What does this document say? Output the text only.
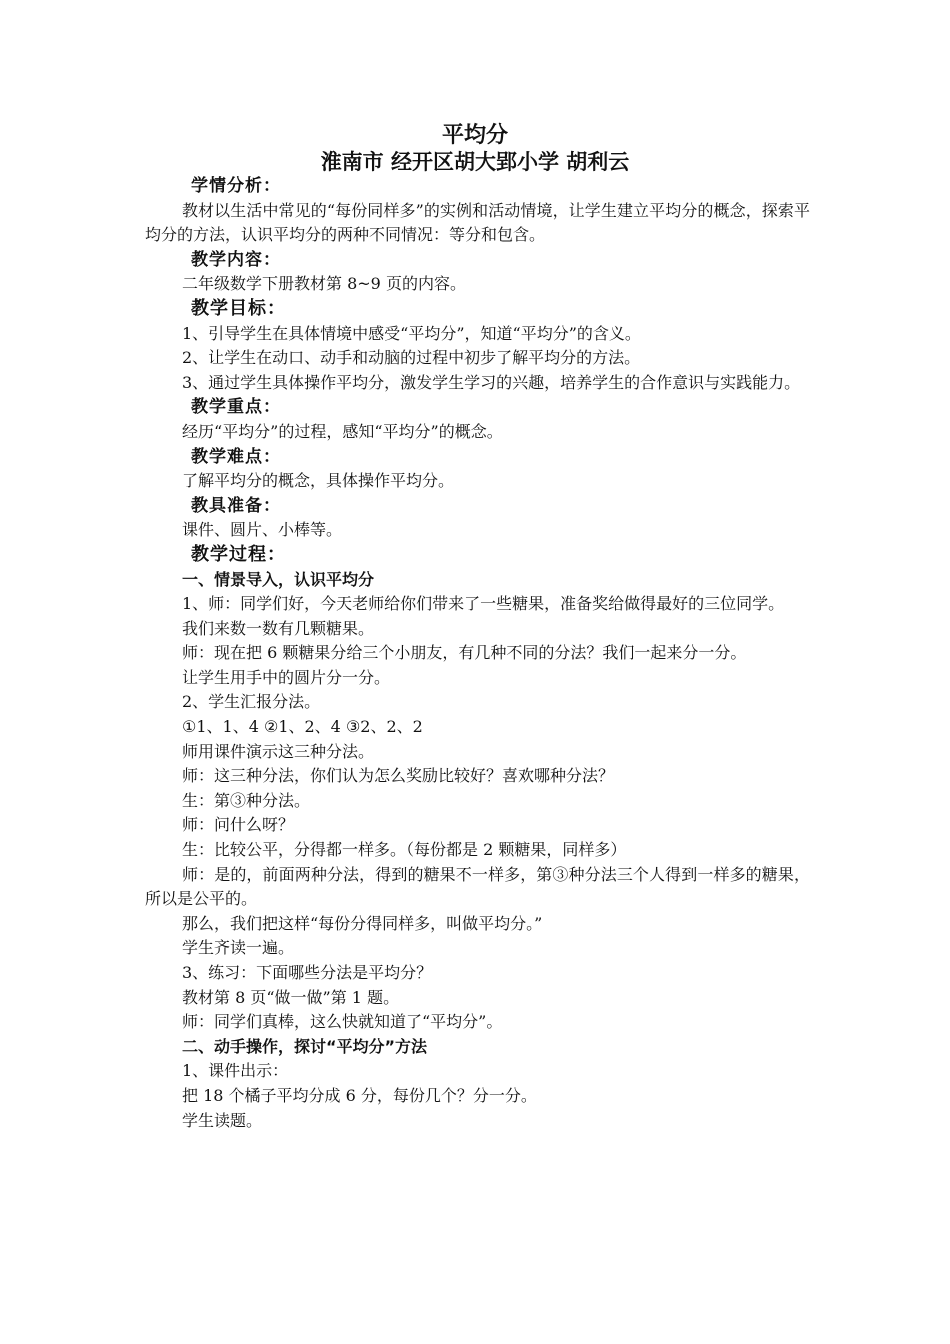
平均分
淮南市 经开区胡大郢小学 胡利云

学情分析：

教材以生活中常见的“每份同样多”的实例和活动情境，让学生建立平均分的概念，探索平均分的方法，认识平均分的两种不同情况：等分和包含。

教学内容：

二年级数学下册教材第 8~9 页的内容。

教学目标：

1、引导学生在具体情境中感受“平均分”，知道“平均分”的含义。

2、让学生在动口、动手和动脑的过程中初步了解平均分的方法。

3、通过学生具体操作平均分，激发学生学习的兴趣，培养学生的合作意识与实践能力。

教学重点：

经历“平均分”的过程，感知“平均分”的概念。

教学难点：

了解平均分的概念，具体操作平均分。

教具准备：

课件、圆片、小棒等。

教学过程：

一、情景导入，认识平均分

1、师：同学们好，今天老师给你们带来了一些糖果，准备奖给做得最好的三位同学。

我们来数一数有几颗糖果。

师：现在把 6 颗糖果分给三个小朋友，有几种不同的分法？我们一起来分一分。

让学生用手中的圆片分一分。

2、学生汇报分法。

①1、1、4 ②1、2、4 ③2、2、2

师用课件演示这三种分法。

师：这三种分法，你们认为怎么奖励比较好？喜欢哪种分法？

生：第③种分法。

师：问什么呀？

生：比较公平，分得都一样多。（每份都是 2 颗糖果，同样多）

师：是的，前面两种分法，得到的糖果不一样多，第③种分法三个人得到一样多的糖果，所以是公平的。

那么，我们把这样“每份分得同样多，叫做平均分。”

学生齐读一遍。

3、练习：下面哪些分法是平均分？

教材第 8 页“做一做”第 1 题。

师：同学们真棒，这么快就知道了“平均分”。

二、动手操作，探讨“平均分”方法

1、课件出示：

把 18 个橘子平均分成 6 分，每份几个？分一分。

学生读题。
